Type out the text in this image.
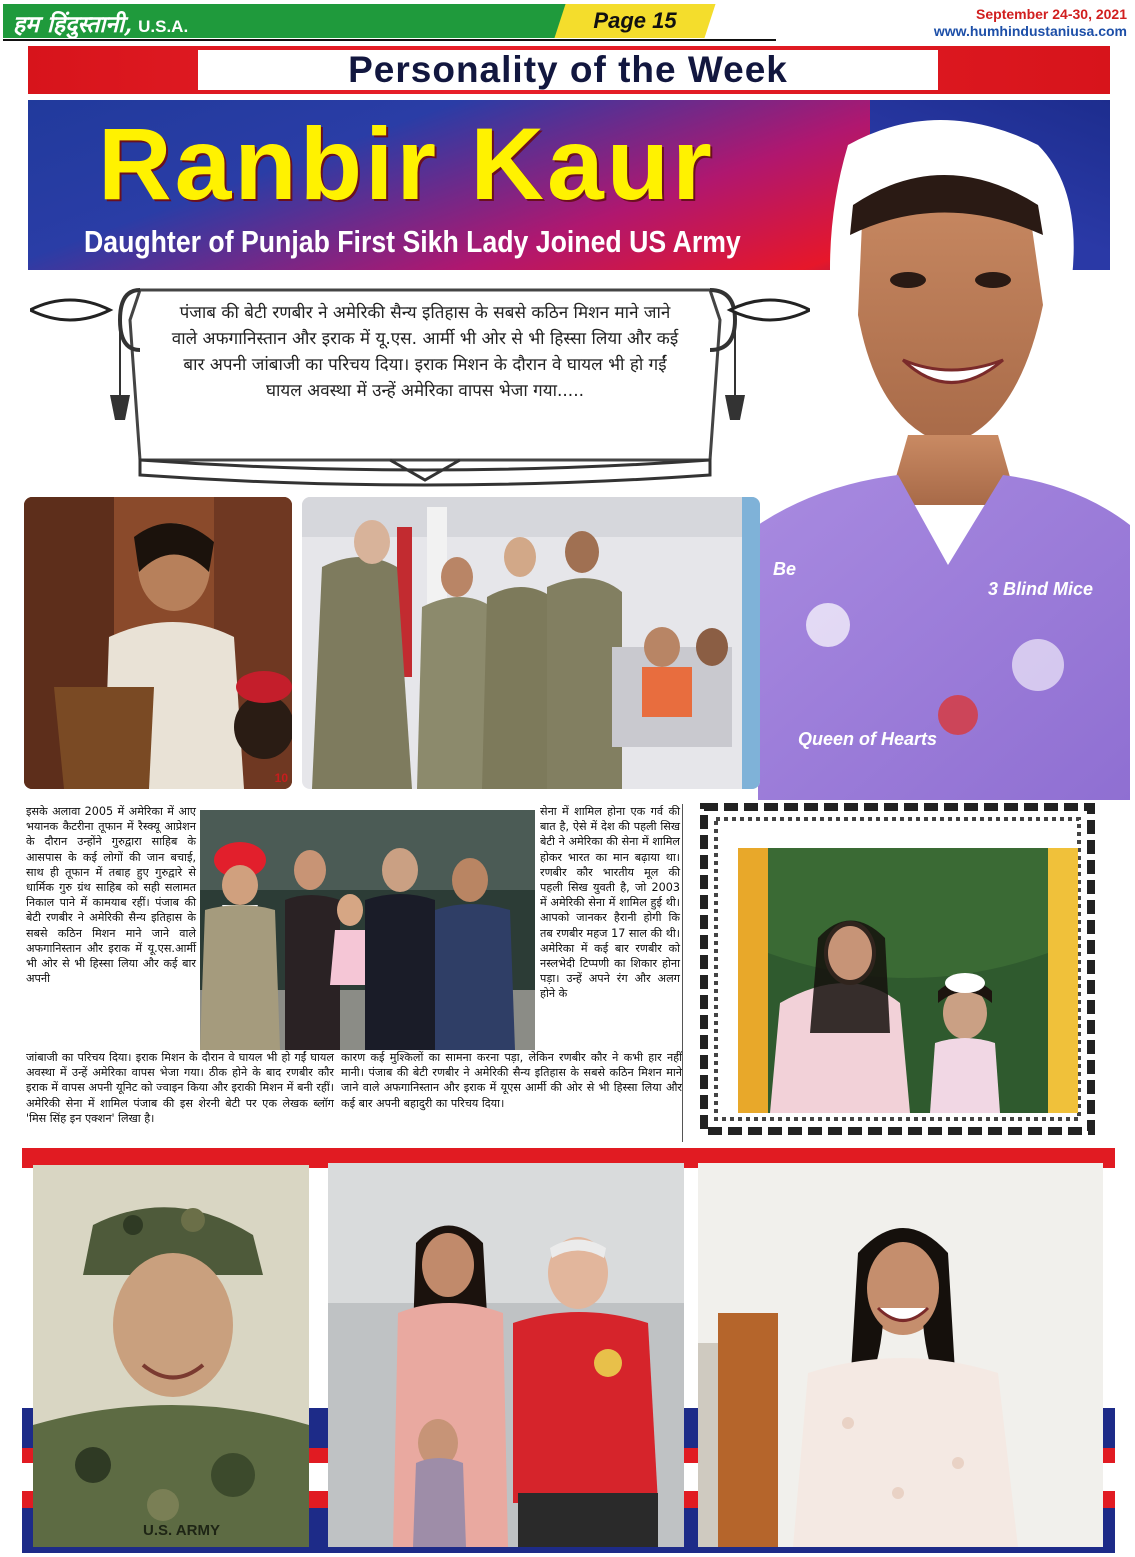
हम हिंदुस्तानी, U.S.A.	Page 15	September 24-30, 2021
www.humhindustaniusa.com
Personality of the Week
Ranbir Kaur
Daughter of Punjab First Sikh Lady Joined US Army
Be
3 Blind Mice
Queen of Hearts
पंजाब की बेटी रणबीर ने अमेरिकी सैन्य इतिहास के सबसे कठिन मिशन माने जाने वाले अफगानिस्तान और इराक में यू.एस. आर्मी भी ओर से भी हिस्सा लिया और कई बार अपनी जांबाजी का परिचय दिया। इराक मिशन के दौरान वे घायल भी हो गईं घायल अवस्था में उन्हें अमेरिका वापस भेजा गया.....
10
इसके अलावा 2005 में अमेरिका में आए भयानक कैटरीना तूफान में रैस्क्यू आप्रेशन के दौरान उन्होंने गुरुद्वारा साहिब के आसपास के कई लोगों की जान बचाई, साथ ही तूफान में तबाह हुए गुरुद्वारे से धार्मिक गुरु ग्रंथ साहिब को सही सलामत निकाल पाने में कामयाब रहीं। पंजाब की बेटी रणबीर ने अमेरिकी सैन्य इतिहास के सबसे कठिन मिशन माने जाने वाले अफगानिस्तान और इराक में यू.एस.आर्मी भी ओर से भी हिस्सा लिया और कई बार अपनी
सेना में शामिल होना एक गर्व की बात है, ऐसे में देश की पहली सिख बेटी ने अमेरिका की सेना में शामिल होकर भारत का मान बढ़ाया था।रणबीर कौर भारतीय मूल की पहली सिख युवती है, जो 2003 में अमेरिकी सेना में शामिल हुई थी। आपको जानकर हैरानी होगी कि तब रणबीर महज 17 साल की थी। अमेरिका में कई बार रणबीर को नस्लभेदी टिप्पणी का शिकार होना पड़ा। उन्हें अपने रंग और अलग होने के
जांबाजी का परिचय दिया। इराक मिशन के दौरान वे घायल भी हो गईं घायल अवस्था में उन्हें अमेरिका वापस भेजा गया। ठीक होने के बाद रणबीर कौर इराक में वापस अपनी यूनिट को ज्वाइन किया और इराकी मिशन में बनी रहीं। अमेरिकी सेना में शामिल पंजाब की इस शेरनी बेटी पर एक लेखक ब्लॉग 'मिस सिंह इन एक्शन' लिखा है।
कारण कई मुश्किलों का सामना करना पड़ा, लेकिन रणबीर कौर ने कभी हार नहीं मानी। पंजाब की बेटी रणबीर ने अमेरिकी सैन्य इतिहास के सबसे कठिन मिशन माने जाने वाले अफगानिस्तान और इराक में यूएस आर्मी की ओर से भी हिस्सा लिया और कई बार अपनी बहादुरी का परिचय दिया।
U.S. ARMY
